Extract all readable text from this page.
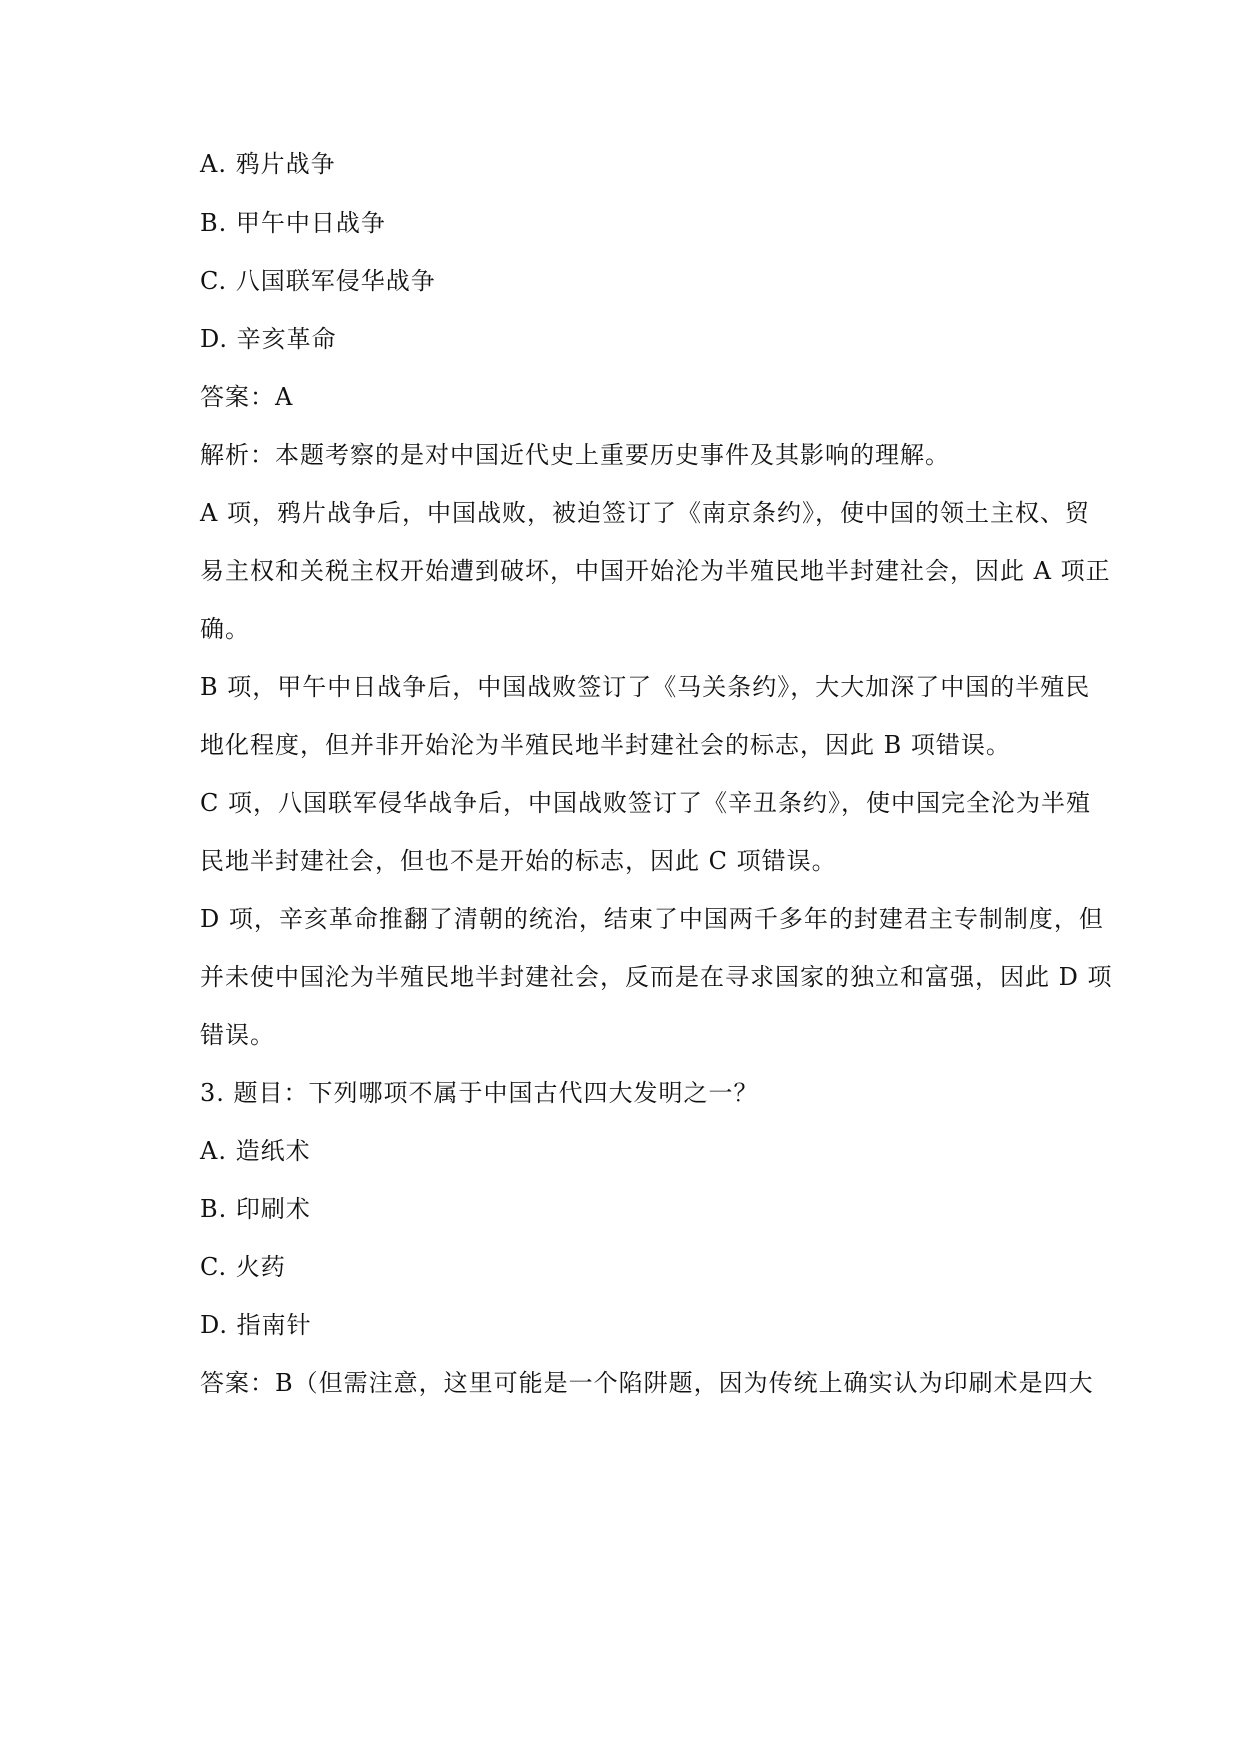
A. 鸦片战争
B. 甲午中日战争
C. 八国联军侵华战争
D. 辛亥革命
答案：A
解析：本题考察的是对中国近代史上重要历史事件及其影响的理解。
A 项，鸦片战争后，中国战败，被迫签订了《南京条约》，使中国的领土主权、贸
易主权和关税主权开始遭到破坏，中国开始沦为半殖民地半封建社会，因此 A 项正
确。
B 项，甲午中日战争后，中国战败签订了《马关条约》，大大加深了中国的半殖民
地化程度，但并非开始沦为半殖民地半封建社会的标志，因此 B 项错误。
C 项，八国联军侵华战争后，中国战败签订了《辛丑条约》，使中国完全沦为半殖
民地半封建社会，但也不是开始的标志，因此 C 项错误。
D 项，辛亥革命推翻了清朝的统治，结束了中国两千多年的封建君主专制制度，但
并未使中国沦为半殖民地半封建社会，反而是在寻求国家的独立和富强，因此 D 项
错误。
3. 题目：下列哪项不属于中国古代四大发明之一？
A. 造纸术
B. 印刷术
C. 火药
D. 指南针
答案：B（但需注意，这里可能是一个陷阱题，因为传统上确实认为印刷术是四大
